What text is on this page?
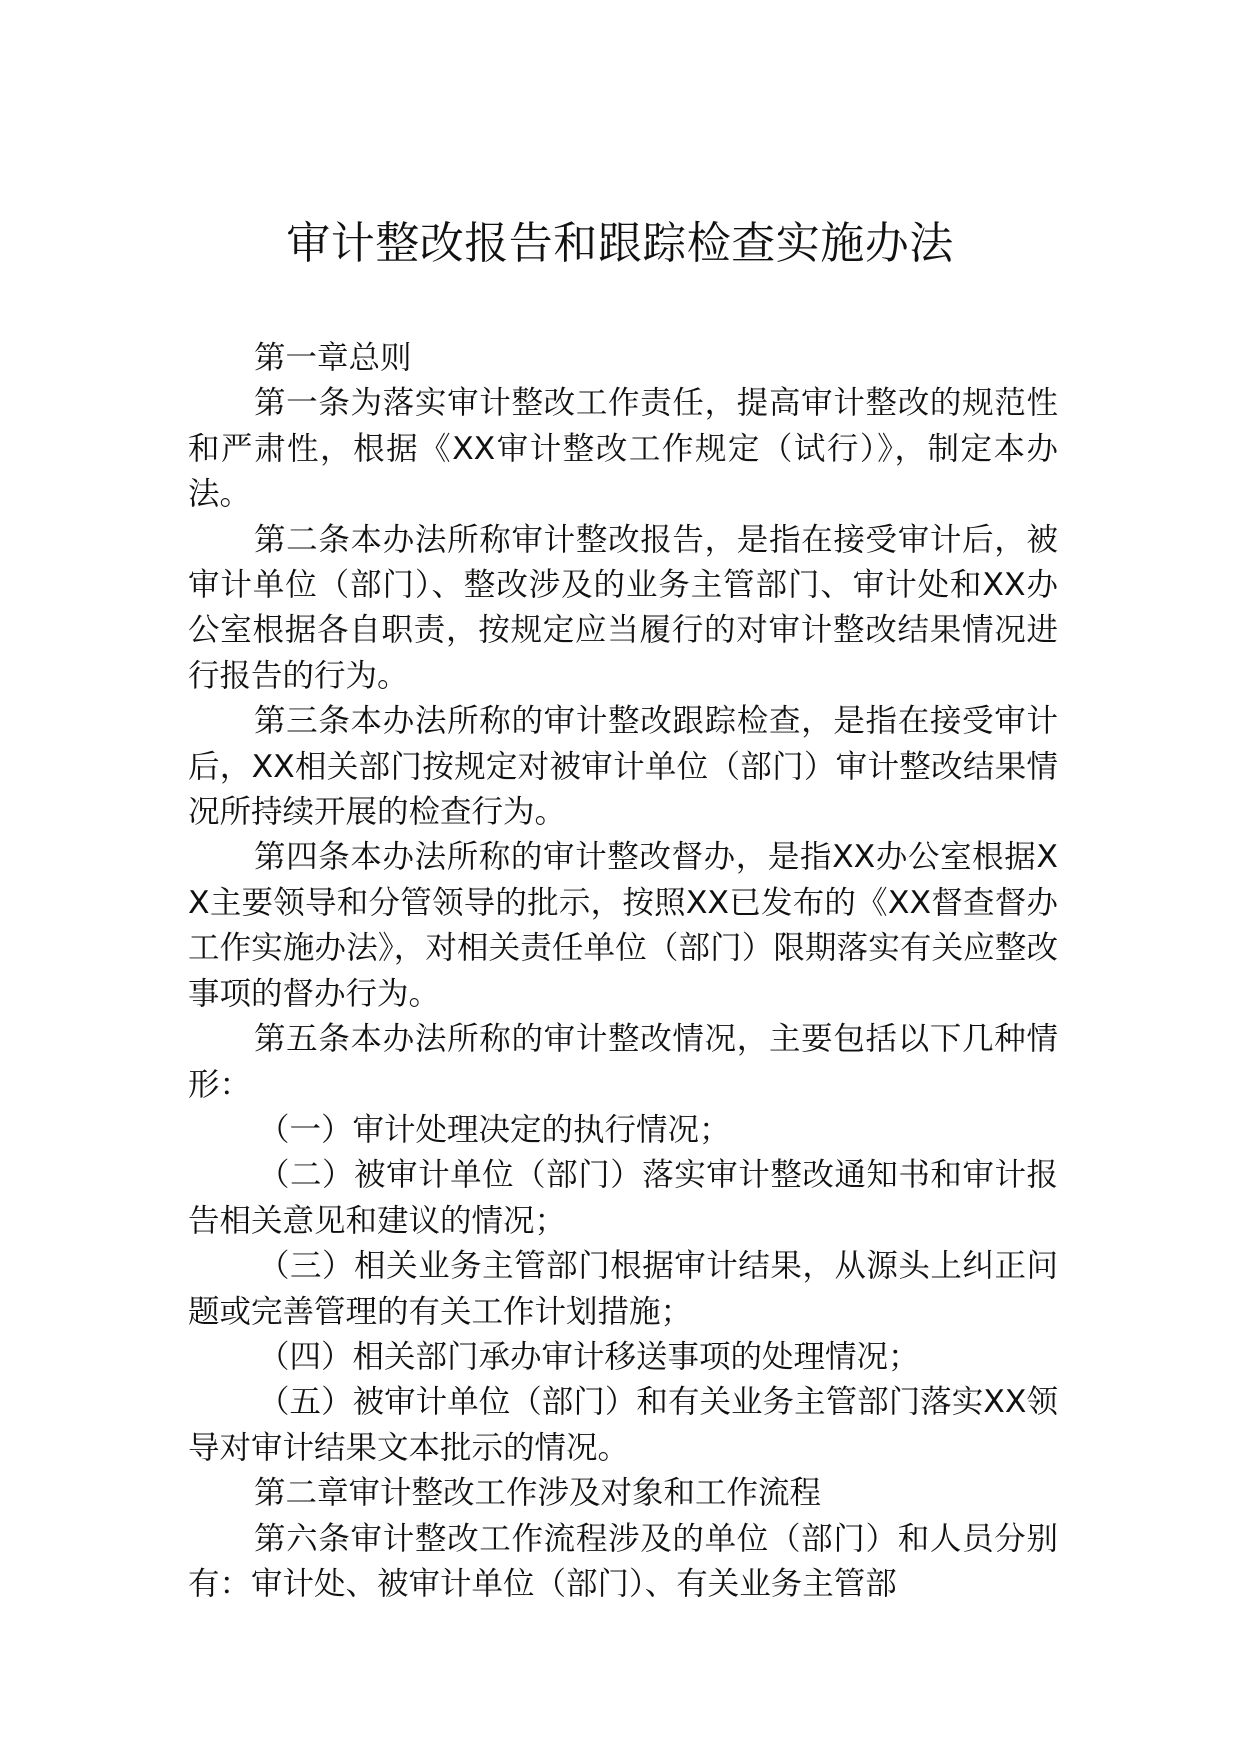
审计整改报告和跟踪检查实施办法

第一章总则

第一条为落实审计整改工作责任，提高审计整改的规范性和严肃性，根据《XX审计整改工作规定（试行）》，制定本办法。

第二条本办法所称审计整改报告，是指在接受审计后，被审计单位（部门）、整改涉及的业务主管部门、审计处和XX办公室根据各自职责，按规定应当履行的对审计整改结果情况进行报告的行为。

第三条本办法所称的审计整改跟踪检查，是指在接受审计后，XX相关部门按规定对被审计单位（部门）审计整改结果情况所持续开展的检查行为。

第四条本办法所称的审计整改督办，是指XX办公室根据XX主要领导和分管领导的批示，按照XX已发布的《XX督查督办工作实施办法》，对相关责任单位（部门）限期落实有关应整改事项的督办行为。

第五条本办法所称的审计整改情况，主要包括以下几种情形：

（一）审计处理决定的执行情况；

（二）被审计单位（部门）落实审计整改通知书和审计报告相关意见和建议的情况；

（三）相关业务主管部门根据审计结果，从源头上纠正问题或完善管理的有关工作计划措施；

（四）相关部门承办审计移送事项的处理情况；

（五）被审计单位（部门）和有关业务主管部门落实XX领导对审计结果文本批示的情况。

第二章审计整改工作涉及对象和工作流程

第六条审计整改工作流程涉及的单位（部门）和人员分别有：审计处、被审计单位（部门）、有关业务主管部
